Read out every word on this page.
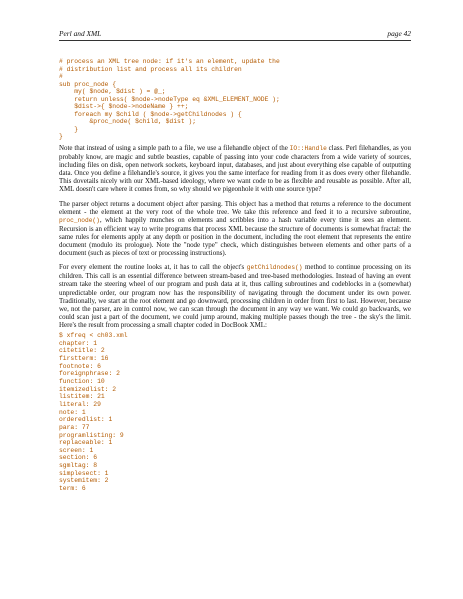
Perl and XML	page 42
# process an XML tree node: if it's an element, update the
# distribution list and process all its children
#
sub proc_node {
my( $node, $dist ) = @_;
return unless( $node->nodeType eq &XML_ELEMENT_NODE );
$dist->{ $node->nodeName } ++;
foreach my $child ( $node->getChildnodes ) {
&proc_node( $child, $dist );
}
}

Note that instead of using a simple path to a file, we use a filehandle object of the IO::Handle class. Perl filehandles, as you probably know, are magic and subtle beasties, capable of passing into your code characters from a wide variety of sources, including files on disk, open network sockets, keyboard input, databases, and just about everything else capable of outputting data. Once you define a filehandle's source, it gives you the same interface for reading from it as does every other filehandle. This dovetails nicely with our XML-based ideology, where we want code to be as flexible and reusable as possible. After all, XML doesn't care where it comes from, so why should we pigeonhole it with one source type?

The parser object returns a document object after parsing. This object has a method that returns a reference to the document element - the element at the very root of the whole tree. We take this reference and feed it to a recursive subroutine, proc_node(), which happily munches on elements and scribbles into a hash variable every time it sees an element. Recursion is an efficient way to write programs that process XML because the structure of documents is somewhat fractal: the same rules for elements apply at any depth or position in the document, including the root element that represents the entire document (modulo its prologue). Note the "node type" check, which distinguishes between elements and other parts of a document (such as pieces of text or processing instructions).

For every element the routine looks at, it has to call the object's getChildnodes() method to continue processing on its children. This call is an essential difference between stream-based and tree-based methodologies. Instead of having an event stream take the steering wheel of our program and push data at it, thus calling subroutines and codeblocks in a (somewhat) unpredictable order, our program now has the responsibility of navigating through the document under its own power. Traditionally, we start at the root element and go downward, processing children in order from first to last. However, because we, not the parser, are in control now, we can scan through the document in any way we want. We could go backwards, we could scan just a part of the document, we could jump around, making multiple passes though the tree - the sky's the limit. Here's the result from processing a small chapter coded in DocBook XML:

$ xfreq < ch03.xml
chapter: 1
citetitle: 2
firstterm: 16
footnote: 6
foreignphrase: 2
function: 10
itemizedlist: 2
listitem: 21
literal: 29
note: 1
orderedlist: 1
para: 77
programlisting: 9
replaceable: 1
screen: 1
section: 6
sgmltag: 8
simplesect: 1
systemitem: 2
term: 6
